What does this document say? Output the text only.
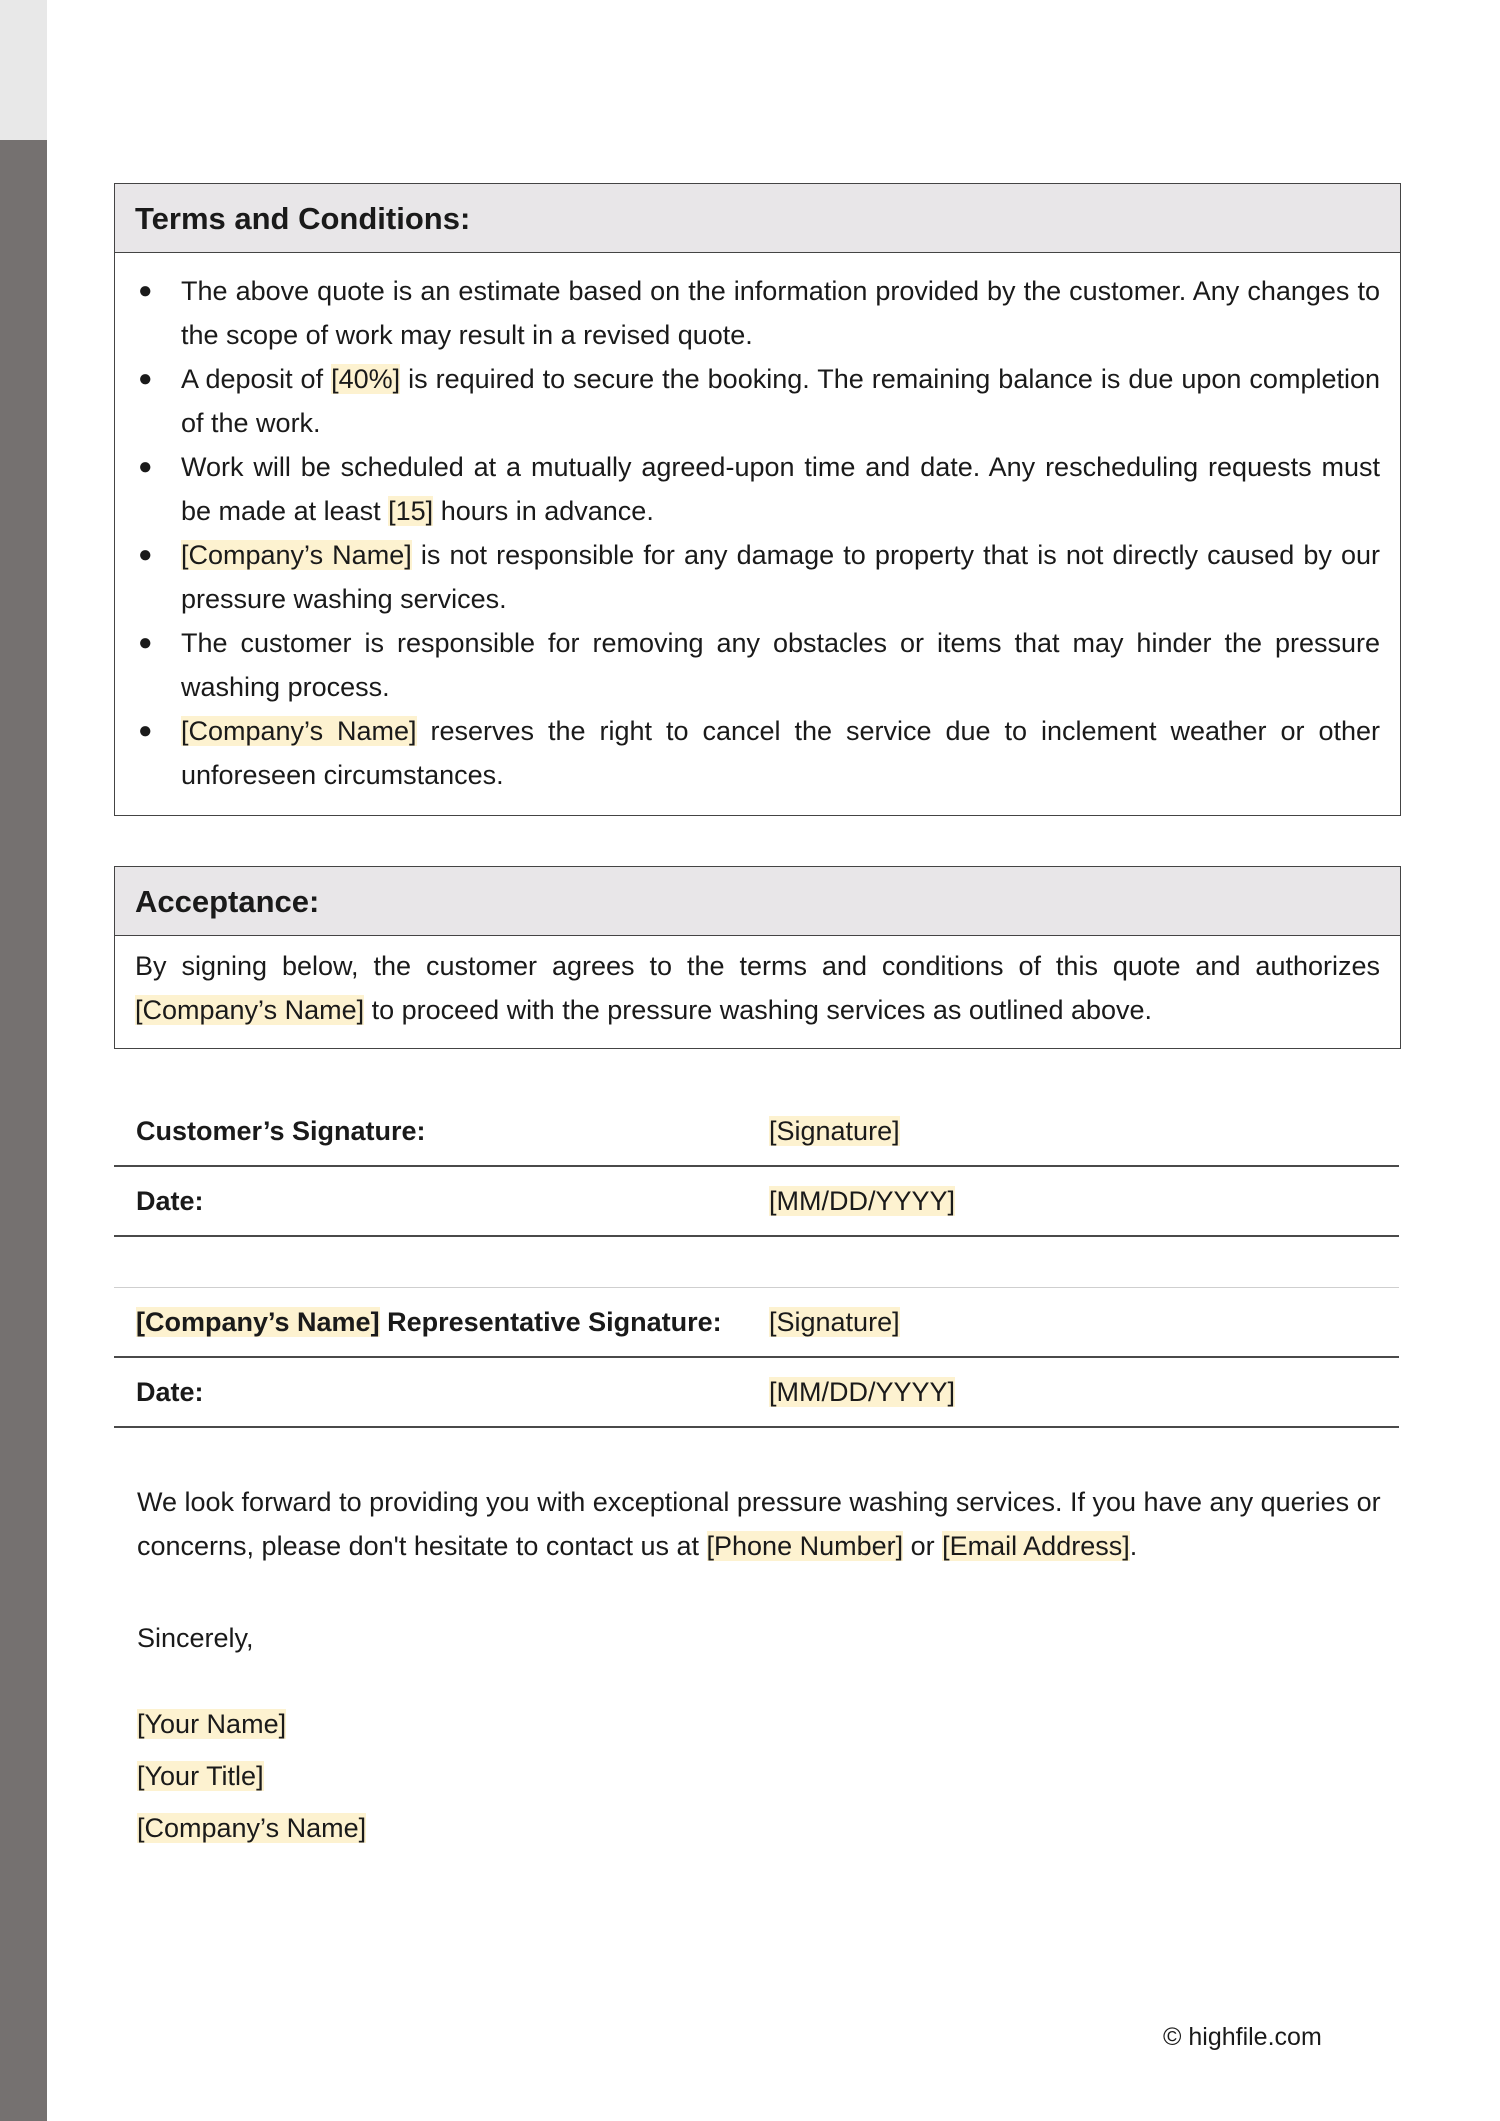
Terms and Conditions:
● The above quote is an estimate based on the information provided by the customer. Any changes to the scope of work may result in a revised quote.
● A deposit of [40%] is required to secure the booking. The remaining balance is due upon completion of the work.
● Work will be scheduled at a mutually agreed-upon time and date. Any rescheduling requests must be made at least [15] hours in advance.
● [Company’s Name] is not responsible for any damage to property that is not directly caused by our pressure washing services.
● The customer is responsible for removing any obstacles or items that may hinder the pressure washing process.
● [Company’s Name] reserves the right to cancel the service due to inclement weather or other unforeseen circumstances.
Acceptance:
By signing below, the customer agrees to the terms and conditions of this quote and authorizes [Company’s Name] to proceed with the pressure washing services as outlined above.
Customer’s Signature:	[Signature]
Date:	[MM/DD/YYYY]
[Company’s Name] Representative Signature: [Signature]
Date:	[MM/DD/YYYY]
We look forward to providing you with exceptional pressure washing services. If you have any queries or concerns, please don't hesitate to contact us at [Phone Number] or [Email Address].
Sincerely,
[Your Name]
[Your Title]
[Company’s Name]
© highfile.com
